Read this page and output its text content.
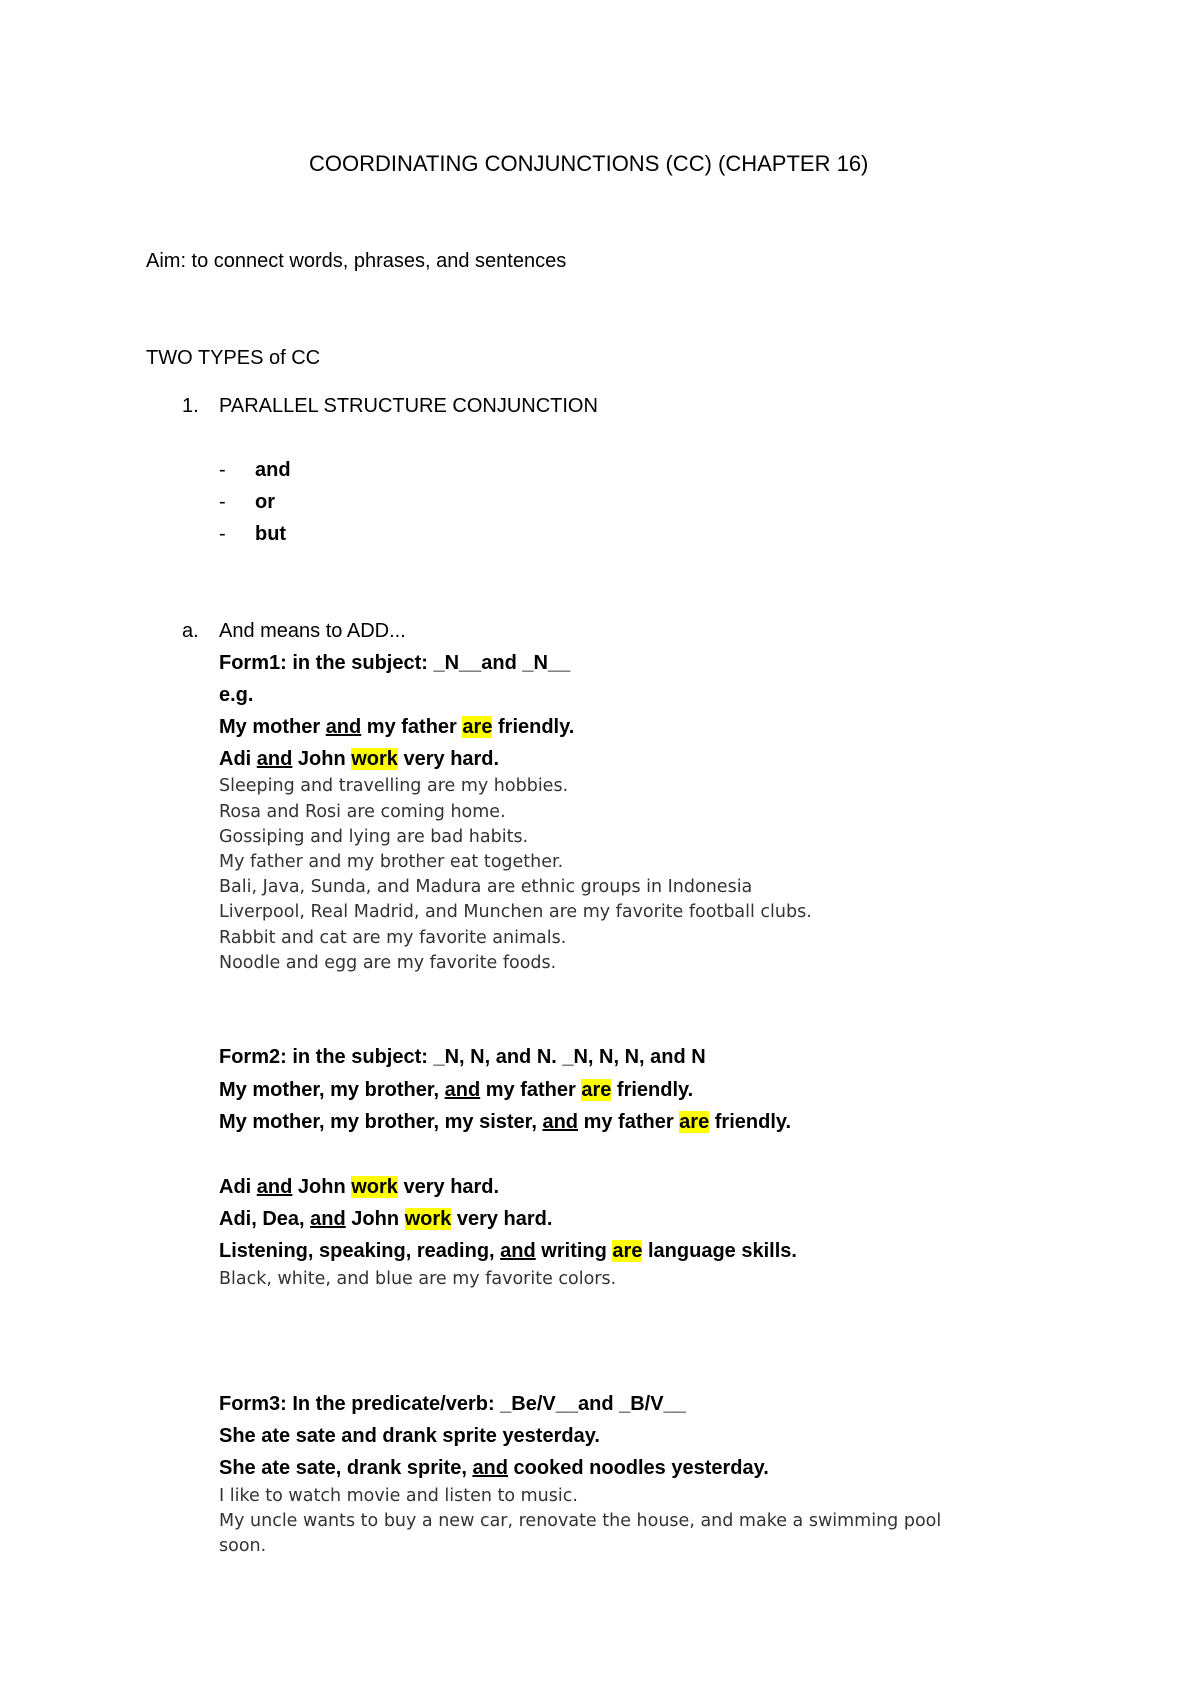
COORDINATING CONJUNCTIONS (CC) (CHAPTER 16)
Aim: to connect words, phrases, and sentences
TWO TYPES of CC
1. PARALLEL STRUCTURE CONJUNCTION
- and
- or
- but
a. And means to ADD...
Form1: in the subject: _N__and _N__
e.g.
My mother and my father are friendly.
Adi and John work very hard.
Sleeping and travelling are my hobbies.
Rosa and Rosi are coming home.
Gossiping and lying are bad habits.
My father and my brother eat together.
Bali, Java, Sunda, and Madura are ethnic groups in Indonesia
Liverpool, Real Madrid, and Munchen are my favorite football clubs.
Rabbit and cat are my favorite animals.
Noodle and egg are my favorite foods.
Form2: in the subject: _N, N, and N. _N, N, N, and N
My mother, my brother, and my father are friendly.
My mother, my brother, my sister, and my father are friendly.
Adi and John work very hard.
Adi, Dea, and John work very hard.
Listening, speaking, reading, and writing are language skills.
Black, white, and blue are my favorite colors.
Form3: In the predicate/verb: _Be/V__and _B/V__
She ate sate and drank sprite yesterday.
She ate sate, drank sprite, and cooked noodles yesterday.
I like to watch movie and listen to music.
My uncle wants to buy a new car, renovate the house, and make a swimming pool
soon.
